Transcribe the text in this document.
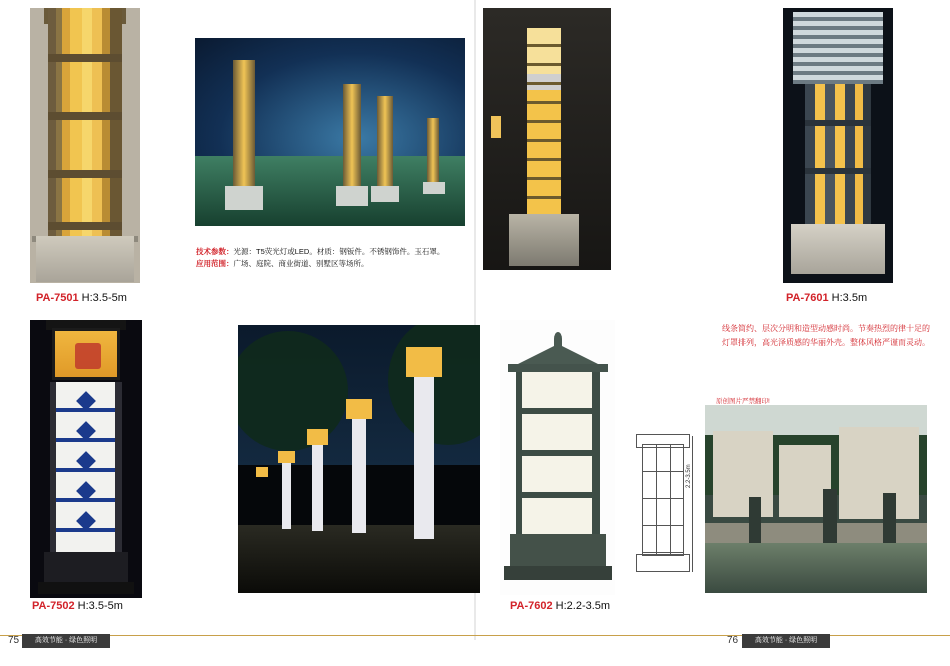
PA-7501 H:3.5-5m
技术参数：光源：T5荧光灯或LED。材质：钢钣件。不锈钢饰件。玉石罩。
应用范围：广场、庭院、商业街道、别墅区等场所。
PA-7502 H:3.5-5m
PA-7601 H:3.5m
线条简约、层次分明和造型动感时尚。节奏热烈的律十足的灯罩排列，高光泽质感的华丽外壳。整体风格严谨而灵动。
原创图片严禁翻印!
PA-7602 H:2.2-3.5m
2.2-3.5m
75	高效节能 · 绿色照明	76	高效节能 · 绿色照明
